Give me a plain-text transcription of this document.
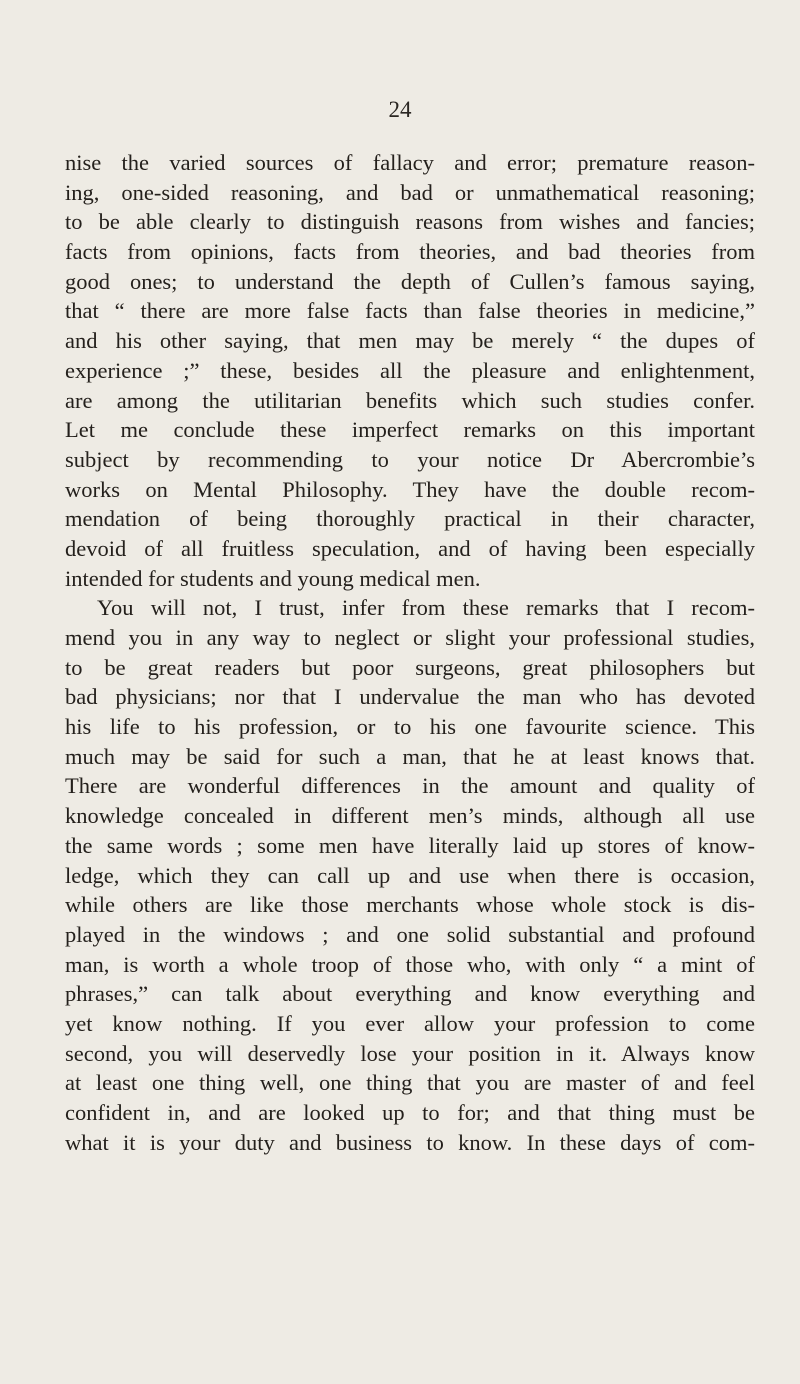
24
nise the varied sources of fallacy and error; premature reason-
ing, one-sided reasoning, and bad or unmathematical reasoning;
to be able clearly to distinguish reasons from wishes and fancies;
facts from opinions, facts from theories, and bad theories from
good ones; to understand the depth of Cullen’s famous saying,
that “ there are more false facts than false theories in medicine,”
and his other saying, that men may be merely “ the dupes of
experience ;” these, besides all the pleasure and enlightenment,
are among the utilitarian benefits which such studies confer.
Let me conclude these imperfect remarks on this important
subject by recommending to your notice Dr Abercrombie’s
works on Mental Philosophy. They have the double recom-
mendation of being thoroughly practical in their character,
devoid of all fruitless speculation, and of having been especially
intended for students and young medical men.
You will not, I trust, infer from these remarks that I recom-
mend you in any way to neglect or slight your professional studies,
to be great readers but poor surgeons, great philosophers but
bad physicians; nor that I undervalue the man who has devoted
his life to his profession, or to his one favourite science. This
much may be said for such a man, that he at least knows that.
There are wonderful differences in the amount and quality of
knowledge concealed in different men’s minds, although all use
the same words ; some men have literally laid up stores of know-
ledge, which they can call up and use when there is occasion,
while others are like those merchants whose whole stock is dis-
played in the windows ; and one solid substantial and profound
man, is worth a whole troop of those who, with only “ a mint of
phrases,” can talk about everything and know everything and
yet know nothing. If you ever allow your profession to come
second, you will deservedly lose your position in it. Always know
at least one thing well, one thing that you are master of and feel
confident in, and are looked up to for; and that thing must be
what it is your duty and business to know. In these days of com-
